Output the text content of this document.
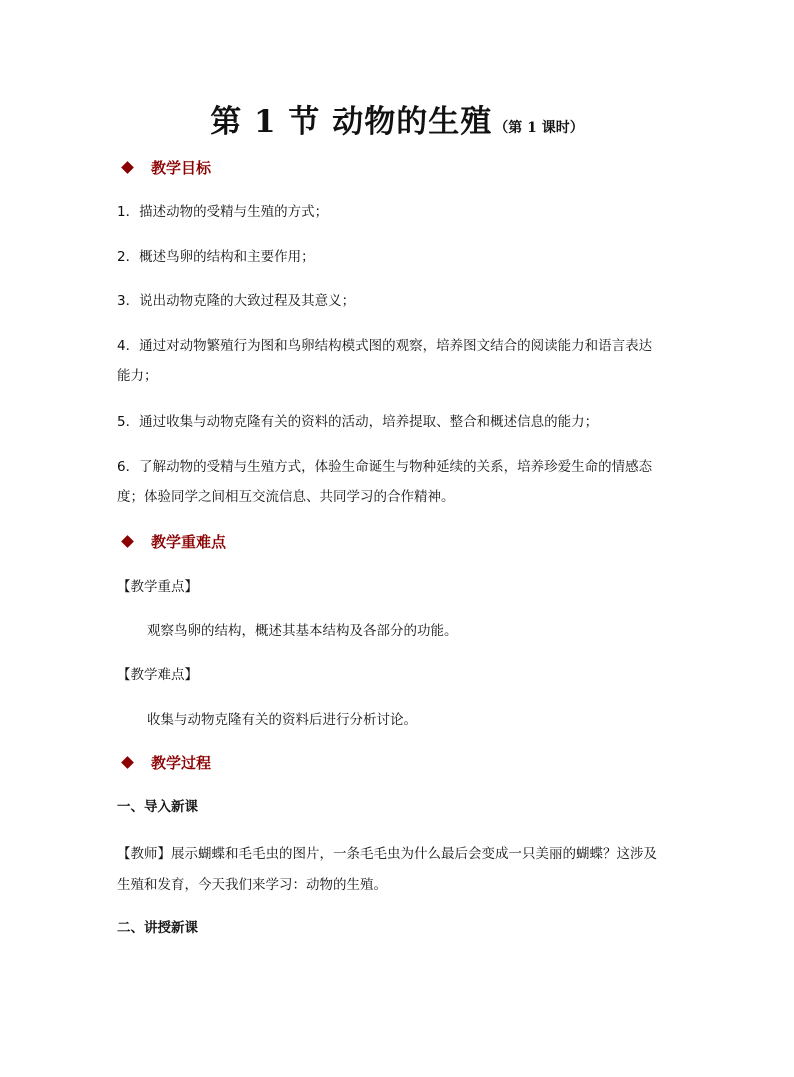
第 1 节 动物的生殖 （第 1 课时）
教学目标
1．描述动物的受精与生殖的方式；
2．概述鸟卵的结构和主要作用；
3．说出动物克隆的大致过程及其意义；
4．通过对动物繁殖行为图和鸟卵结构模式图的观察，培养图文结合的阅读能力和语言表达
能力；
5．通过收集与动物克隆有关的资料的活动，培养提取、整合和概述信息的能力；
6．了解动物的受精与生殖方式，体验生命诞生与物种延续的关系，培养珍爱生命的情感态
度；体验同学之间相互交流信息、共同学习的合作精神。
教学重难点
【教学重点】
观察鸟卵的结构，概述其基本结构及各部分的功能。
【教学难点】
收集与动物克隆有关的资料后进行分析讨论。
教学过程
一、导入新课
【教师】展示蝴蝶和毛毛虫的图片，一条毛毛虫为什么最后会变成一只美丽的蝴蝶？这涉及
生殖和发育，今天我们来学习：动物的生殖。
二、讲授新课
